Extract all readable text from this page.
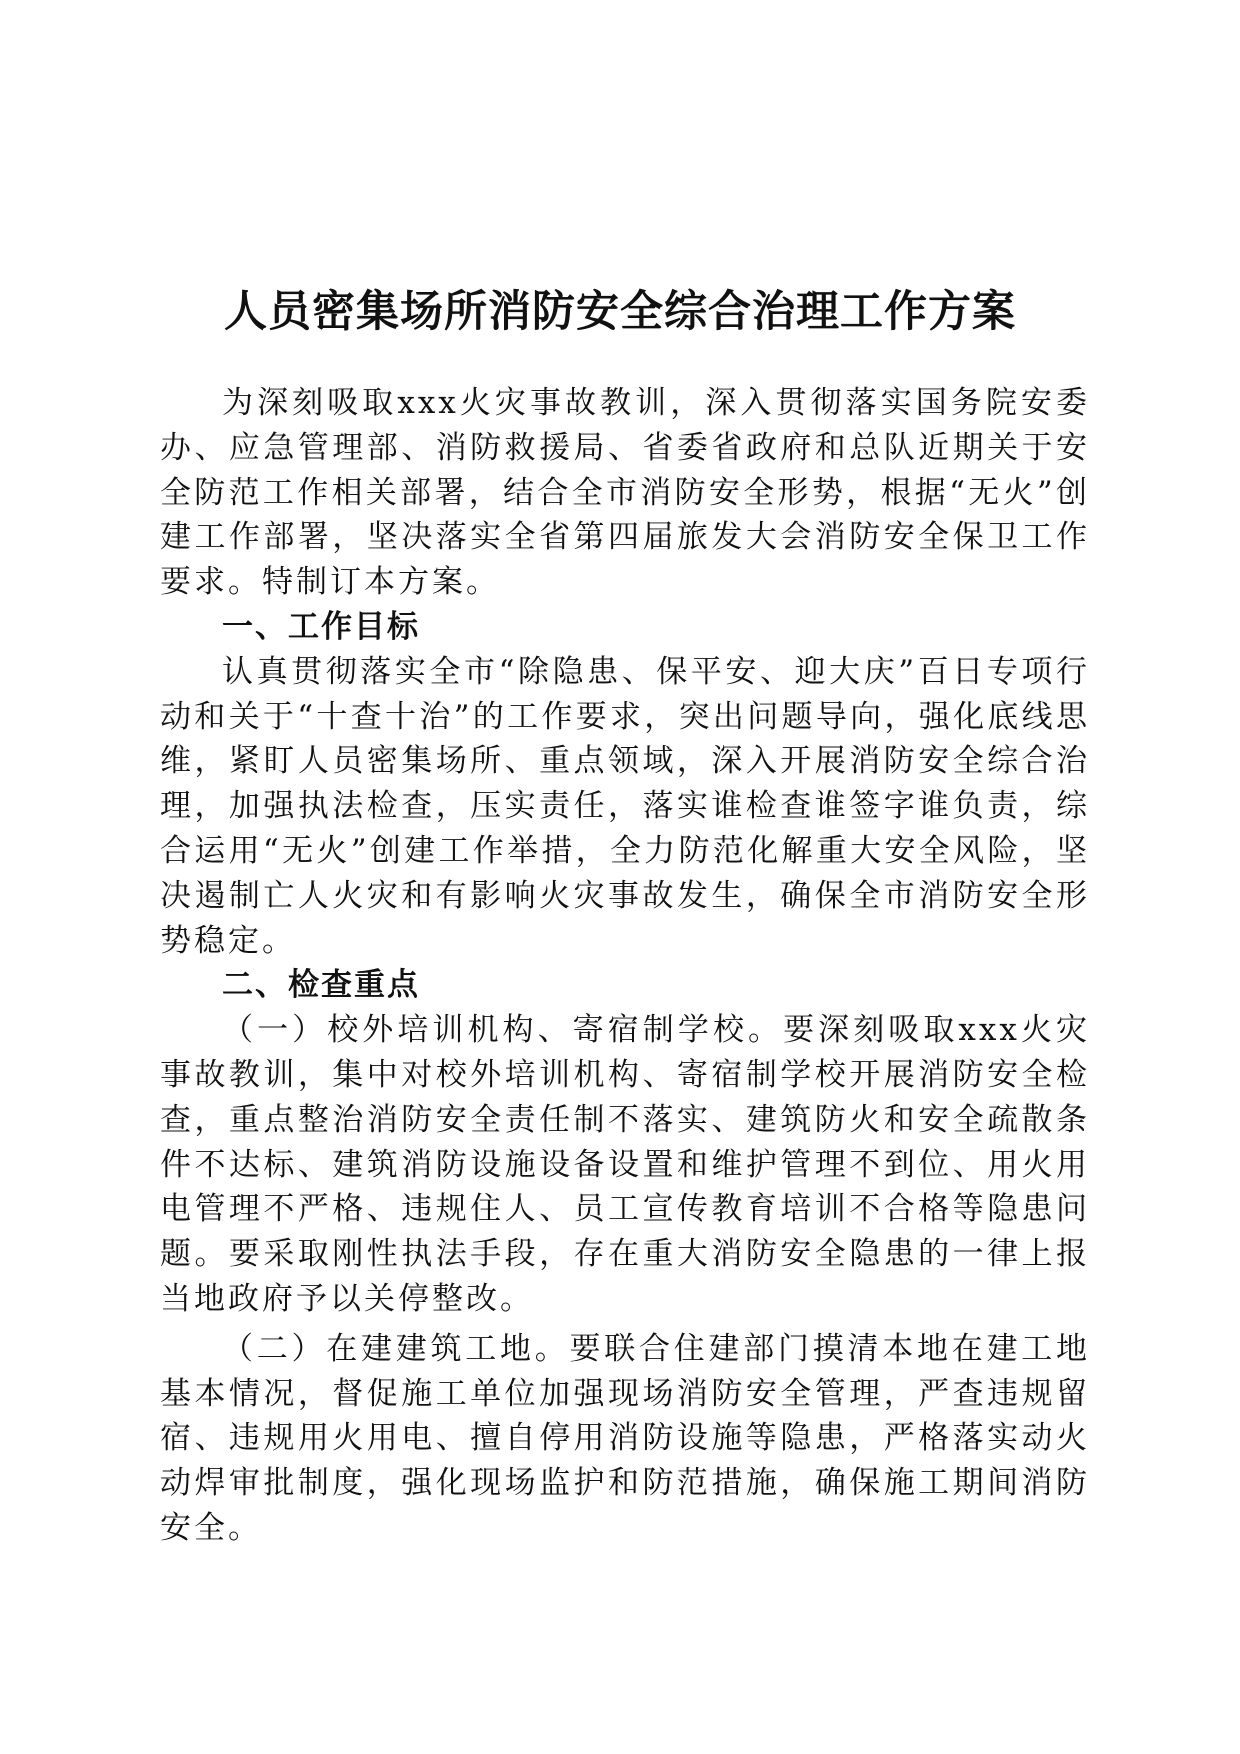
人员密集场所消防安全综合治理工作方案

为深刻吸取xxx火灾事故教训，深入贯彻落实国务院安委办、应急管理部、消防救援局、省委省政府和总队近期关于安全防范工作相关部署，结合全市消防安全形势，根据“无火”创建工作部署，坚决落实全省第四届旅发大会消防安全保卫工作要求。特制订本方案。

一、工作目标

认真贯彻落实全市“除隐患、保平安、迎大庆”百日专项行动和关于“十查十治”的工作要求，突出问题导向，强化底线思维，紧盯人员密集场所、重点领域，深入开展消防安全综合治理，加强执法检查，压实责任，落实谁检查谁签字谁负责，综合运用“无火”创建工作举措，全力防范化解重大安全风险，坚决遏制亡人火灾和有影响火灾事故发生，确保全市消防安全形势稳定。

二、检查重点

（一）校外培训机构、寄宿制学校。要深刻吸取xxx火灾事故教训，集中对校外培训机构、寄宿制学校开展消防安全检查，重点整治消防安全责任制不落实、建筑防火和安全疏散条件不达标、建筑消防设施设备设置和维护管理不到位、用火用电管理不严格、违规住人、员工宣传教育培训不合格等隐患问题。要采取刚性执法手段，存在重大消防安全隐患的一律上报当地政府予以关停整改。

（二）在建建筑工地。要联合住建部门摸清本地在建工地基本情况，督促施工单位加强现场消防安全管理，严查违规留宿、违规用火用电、擅自停用消防设施等隐患，严格落实动火动焊审批制度，强化现场监护和防范措施，确保施工期间消防安全。
